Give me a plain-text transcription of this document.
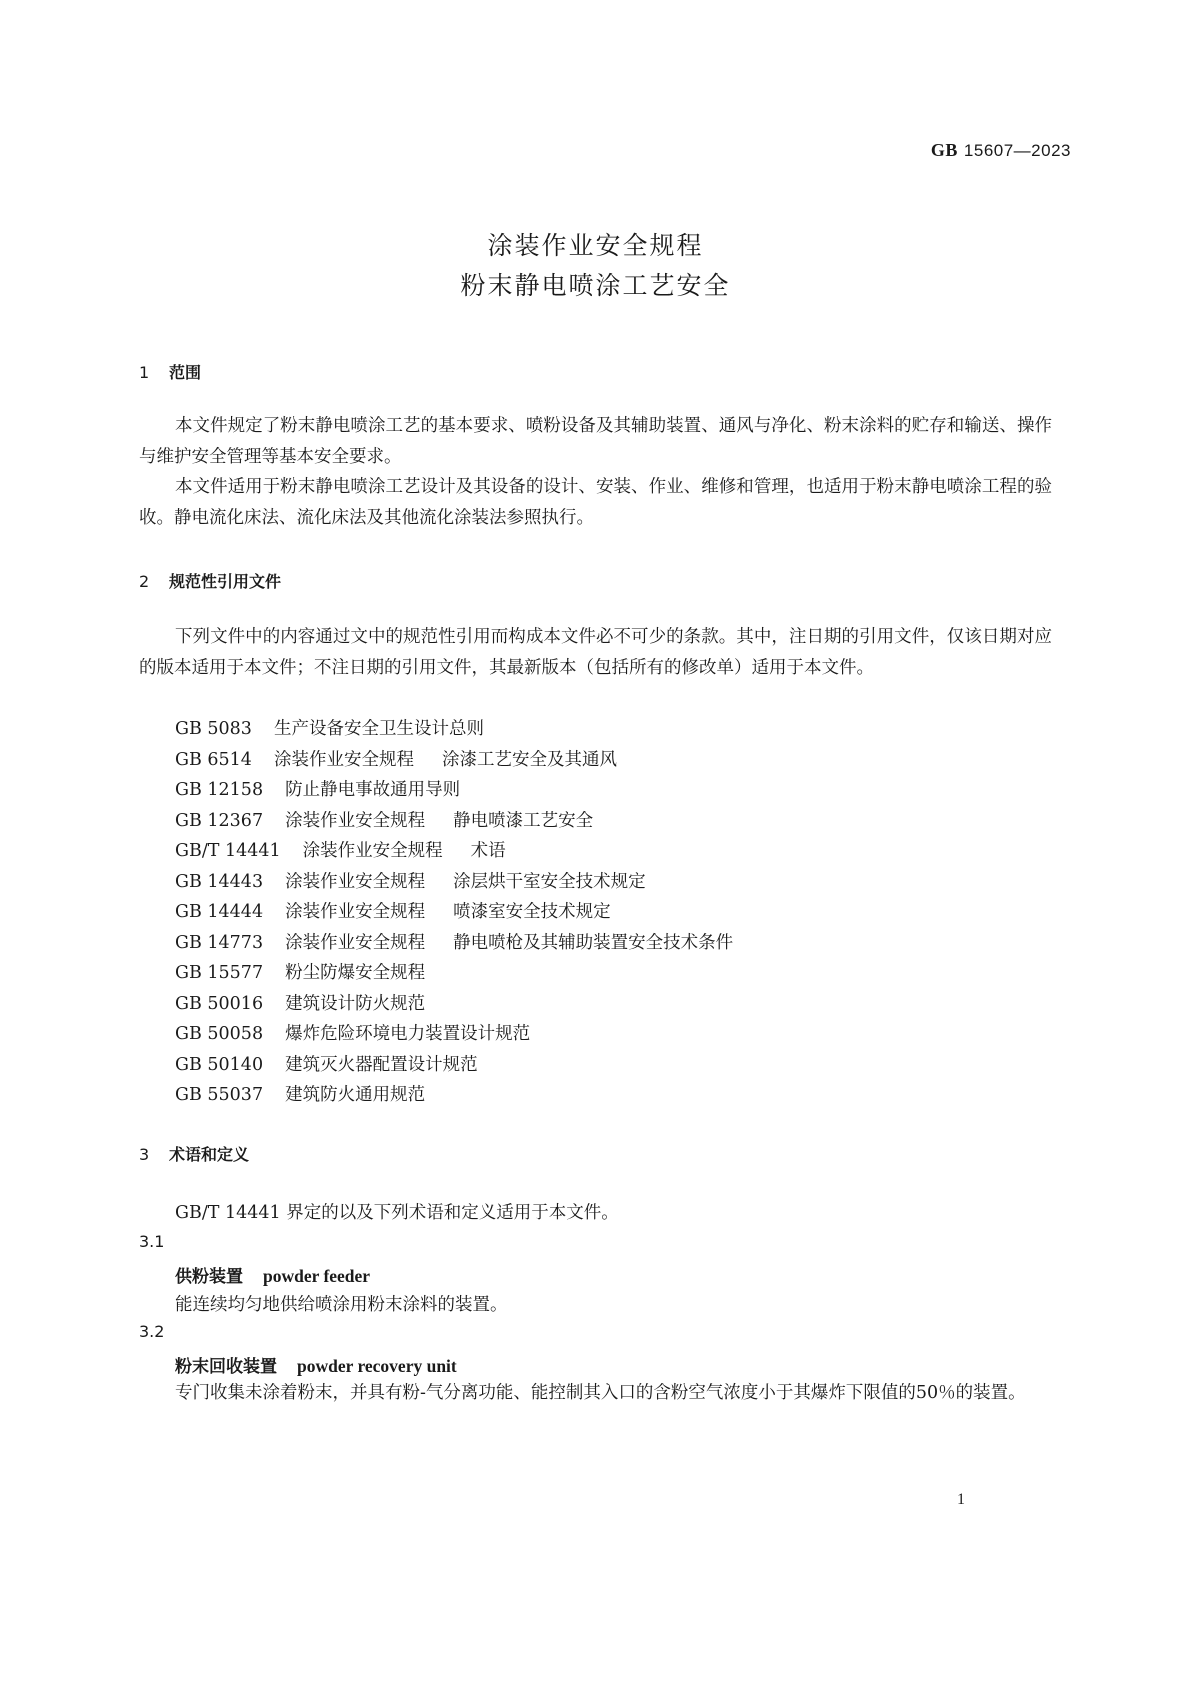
GB 15607—2023
涂装作业安全规程
粉末静电喷涂工艺安全
1 范围

本文件规定了粉末静电喷涂工艺的基本要求、喷粉设备及其辅助装置、通风与净化、粉末涂料的贮存和输送、操作与维护安全管理等基本安全要求。

本文件适用于粉末静电喷涂工艺设计及其设备的设计、安装、作业、维修和管理，也适用于粉末静电喷涂工程的验收。静电流化床法、流化床法及其他流化涂装法参照执行。

2 规范性引用文件

下列文件中的内容通过文中的规范性引用而构成本文件必不可少的条款。其中，注日期的引用文件，仅该日期对应的版本适用于本文件；不注日期的引用文件，其最新版本（包括所有的修改单）适用于本文件。

GB 5083 生产设备安全卫生设计总则
GB 6514 涂装作业安全规程 涂漆工艺安全及其通风
GB 12158 防止静电事故通用导则
GB 12367 涂装作业安全规程 静电喷漆工艺安全
GB/T 14441 涂装作业安全规程 术语
GB 14443 涂装作业安全规程 涂层烘干室安全技术规定
GB 14444 涂装作业安全规程 喷漆室安全技术规定
GB 14773 涂装作业安全规程 静电喷枪及其辅助装置安全技术条件
GB 15577 粉尘防爆安全规程
GB 50016 建筑设计防火规范
GB 50058 爆炸危险环境电力装置设计规范
GB 50140 建筑灭火器配置设计规范
GB 55037 建筑防火通用规范
3 术语和定义
GB/T 14441 界定的以及下列术语和定义适用于本文件。
3.1
供粉装置 powder feeder
能连续均匀地供给喷涂用粉末涂料的装置。
3.2
粉末回收装置 powder recovery unit

专门收集未涂着粉末，并具有粉-气分离功能、能控制其入口的含粉空气浓度小于其爆炸下限值的50％的装置。

1
